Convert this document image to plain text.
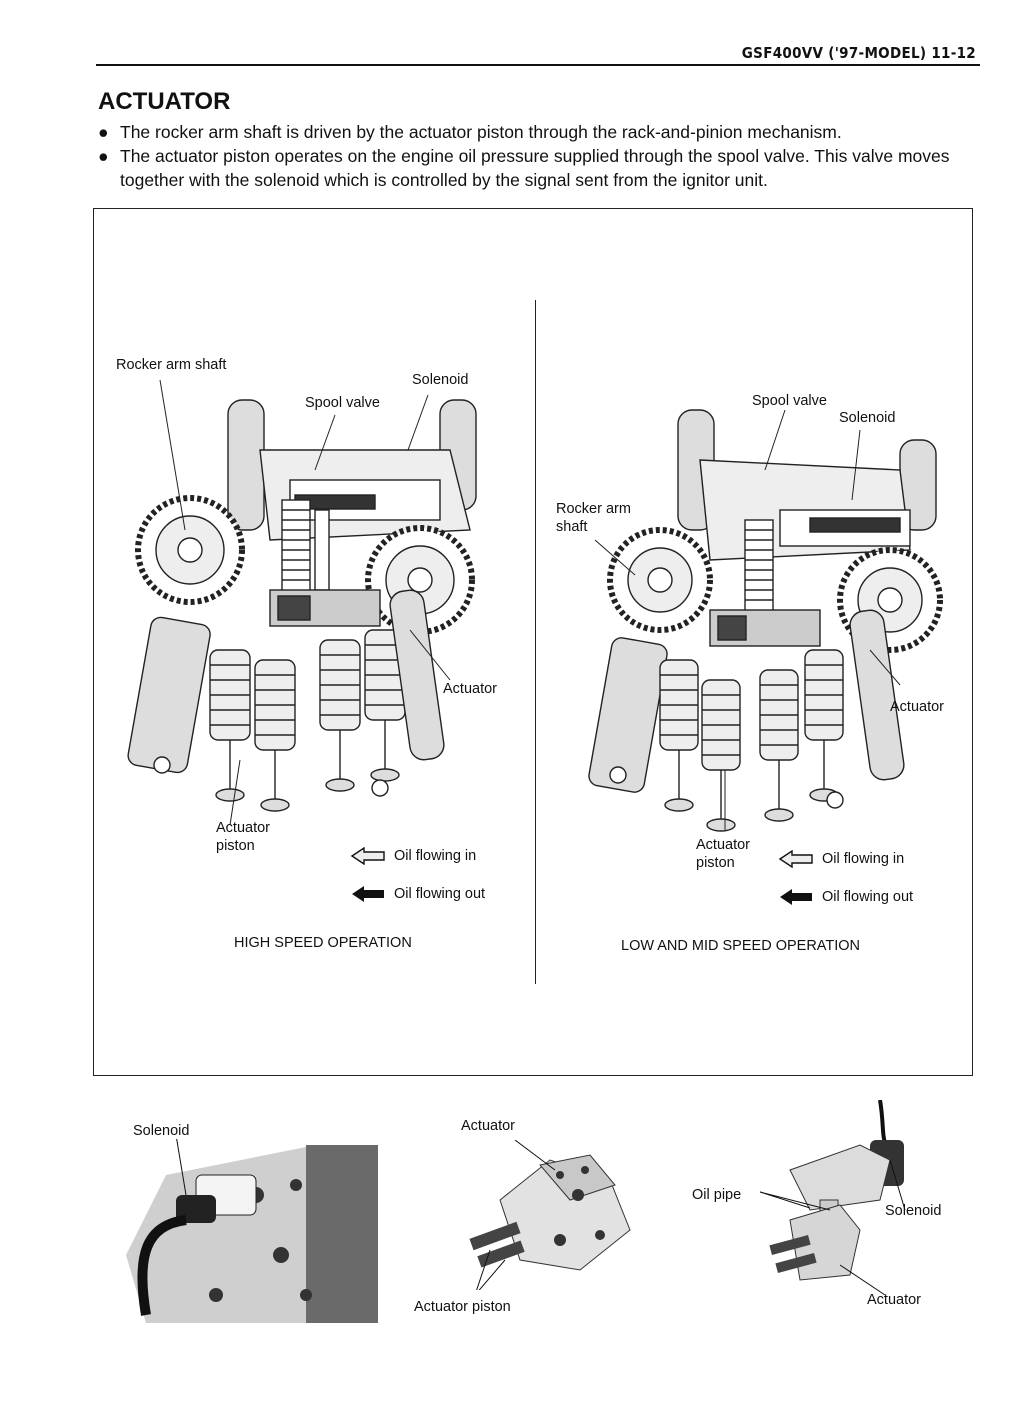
GSF400VV ('97-MODEL) 11-12
ACTUATOR
● The rocker arm shaft is driven by the actuator piston through the rack-and-pinion mechanism.
● The actuator piston operates on the engine oil pressure supplied through the spool valve. This valve moves together with the solenoid which is controlled by the signal sent from the ignitor unit.
Rocker arm shaft
Solenoid
Spool valve
Actuator
Actuator
piston
Oil flowing in
Oil flowing out
HIGH SPEED OPERATION
Spool valve
Solenoid
Rocker arm
shaft
Actuator
Actuator
piston	Oil flowing in
Oil flowing out
LOW AND MID SPEED OPERATION
Solenoid	Actuator
Actuator piston
Oil pipe
Solenoid
Actuator
